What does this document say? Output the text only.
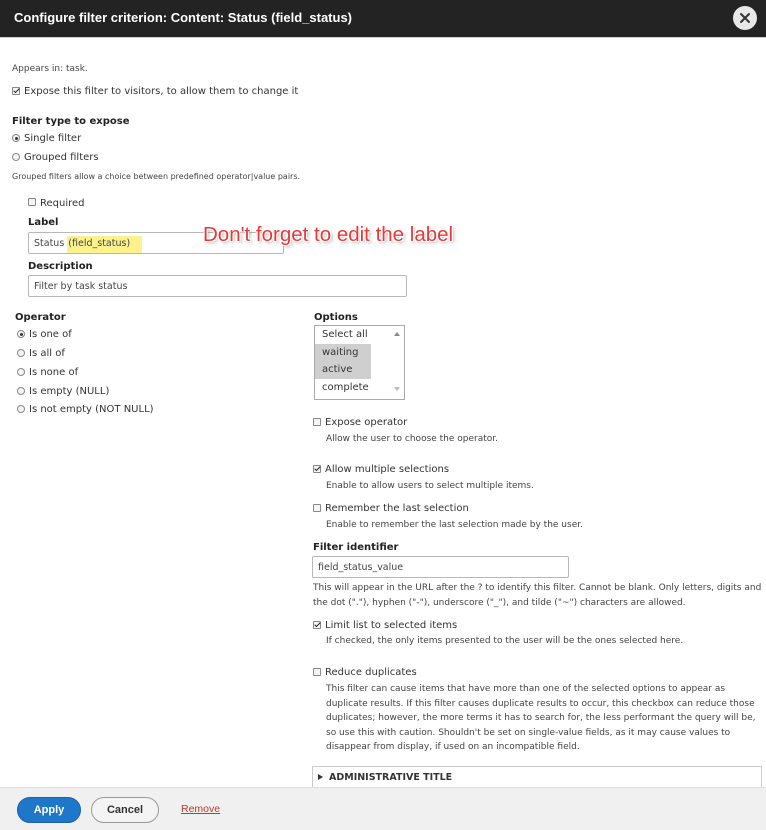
Configure filter criterion: Content: Status (field_status)
Appears in: task.
Expose this filter to visitors, to allow them to change it
Filter type to expose
Single filter
Grouped filters
Grouped filters allow a choice between predefined operator|value pairs.
Required
Label
Status (field_status)	Don't forget to edit the label
Description
Filter by task status
Operator
Is one of
Is all of
Is none of
Is empty (NULL)
Is not empty (NOT NULL)
Options
Select all
waiting
active
complete
Expose operator
Allow the user to choose the operator.
Allow multiple selections
Enable to allow users to select multiple items.
Remember the last selection
Enable to remember the last selection made by the user.
Filter identifier
field_status_value
This will appear in the URL after the ? to identify this filter. Cannot be blank. Only letters, digits and
the dot ("."), hyphen ("-"), underscore ("_"), and tilde ("~") characters are allowed.
Limit list to selected items
If checked, the only items presented to the user will be the ones selected here.
Reduce duplicates
This filter can cause items that have more than one of the selected options to appear as
duplicate results. If this filter causes duplicate results to occur, this checkbox can reduce those
duplicates; however, the more terms it has to search for, the less performant the query will be,
so use this with caution. Shouldn't be set on single-value fields, as it may cause values to
disappear from display, if used on an incompatible field.
ADMINISTRATIVE TITLE
Apply	Cancel	Remove
